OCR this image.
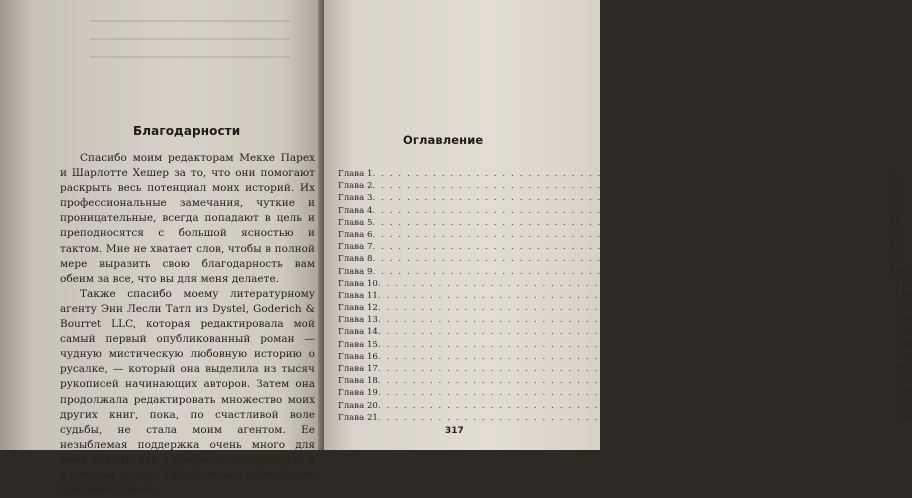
Благодарности

Спасибо моим редакторам Мекхе Парех и Шарлотте Хешер за то, что они помогают раскрыть весь потенциал моих историй. Их профессиональные замечания, чуткие и проницательные, всегда попадают в цель и преподносятся с большой ясностью и тактом. Мне не хватает слов, чтобы в полной мере выразить свою благодарность вам обеим за все, что вы для меня делаете.

Также спасибо моему литературному агенту Энн Лесли Татл из Dystel, Goderich & Bourret LLC, которая редактировала мой самый первый опубликованный роман — чудную мистическую любовную историю о русалке, — который она выделила из тысяч рукописей начинающих авторов. Затем она продолжала редактировать множество моих других книг, пока, по счастливой воле судьбы, не стала моим агентом. Ее незыблемая поддержка очень много для меня значит. Как в профессиональном, так и в личном плане. Прими мою глубочайшую признательность.

Оглавление
Глава 1 . . . . . . . . . . . . . . . . . . . . . . . . . . . . . . . . . . . . . . . . . . . . . . . . . . . . . . . . . . . . 7
Глава 2 . . . . . . . . . . . . . . . . . . . . . . . . . . . . . . . . . . . . . . . . . . . . . . . . . . . . . . . . . . . . 14
Глава 3 . . . . . . . . . . . . . . . . . . . . . . . . . . . . . . . . . . . . . . . . . . . . . . . . . . . . . . . . . . . . 31
Глава 4 . . . . . . . . . . . . . . . . . . . . . . . . . . . . . . . . . . . . . . . . . . . . . . . . . . . . . . . . . . . . 55
Глава 5 . . . . . . . . . . . . . . . . . . . . . . . . . . . . . . . . . . . . . . . . . . . . . . . . . . . . . . . . . . . . 66
Глава 6 . . . . . . . . . . . . . . . . . . . . . . . . . . . . . . . . . . . . . . . . . . . . . . . . . . . . . . . . . . . . 72
Глава 7 . . . . . . . . . . . . . . . . . . . . . . . . . . . . . . . . . . . . . . . . . . . . . . . . . . . . . . . . . . . . 85
Глава 8 . . . . . . . . . . . . . . . . . . . . . . . . . . . . . . . . . . . . . . . . . . . . . . . . . . . . . . . . . . . . 92
Глава 9 . . . . . . . . . . . . . . . . . . . . . . . . . . . . . . . . . . . . . . . . . . . . . . . . . . . . . . . . . . . . 100
Глава 10 . . . . . . . . . . . . . . . . . . . . . . . . . . . . . . . . . . . . . . . . . . . . . . . . . . . . . . . . . . . . 114
Глава 11 . . . . . . . . . . . . . . . . . . . . . . . . . . . . . . . . . . . . . . . . . . . . . . . . . . . . . . . . . . . . 118
Глава 12 . . . . . . . . . . . . . . . . . . . . . . . . . . . . . . . . . . . . . . . . . . . . . . . . . . . . . . . . . . . . 120
Глава 13 . . . . . . . . . . . . . . . . . . . . . . . . . . . . . . . . . . . . . . . . . . . . . . . . . . . . . . . . . . . . 129
Глава 14 . . . . . . . . . . . . . . . . . . . . . . . . . . . . . . . . . . . . . . . . . . . . . . . . . . . . . . . . . . . . 136
Глава 15 . . . . . . . . . . . . . . . . . . . . . . . . . . . . . . . . . . . . . . . . . . . . . . . . . . . . . . . . . . . . 145
Глава 16 . . . . . . . . . . . . . . . . . . . . . . . . . . . . . . . . . . . . . . . . . . . . . . . . . . . . . . . . . . . . 154
Глава 17 . . . . . . . . . . . . . . . . . . . . . . . . . . . . . . . . . . . . . . . . . . . . . . . . . . . . . . . . . . . . 157
Глава 18 . . . . . . . . . . . . . . . . . . . . . . . . . . . . . . . . . . . . . . . . . . . . . . . . . . . . . . . . . . . . 167
Глава 19 . . . . . . . . . . . . . . . . . . . . . . . . . . . . . . . . . . . . . . . . . . . . . . . . . . . . . . . . . . . . 172
Глава 20 . . . . . . . . . . . . . . . . . . . . . . . . . . . . . . . . . . . . . . . . . . . . . . . . . . . . . . . . . . . . 177
Глава 21 . . . . . . . . . . . . . . . . . . . . . . . . . . . . . . . . . . . . . . . . . . . . . . . . . . . . . . . . . . . . 193
317
